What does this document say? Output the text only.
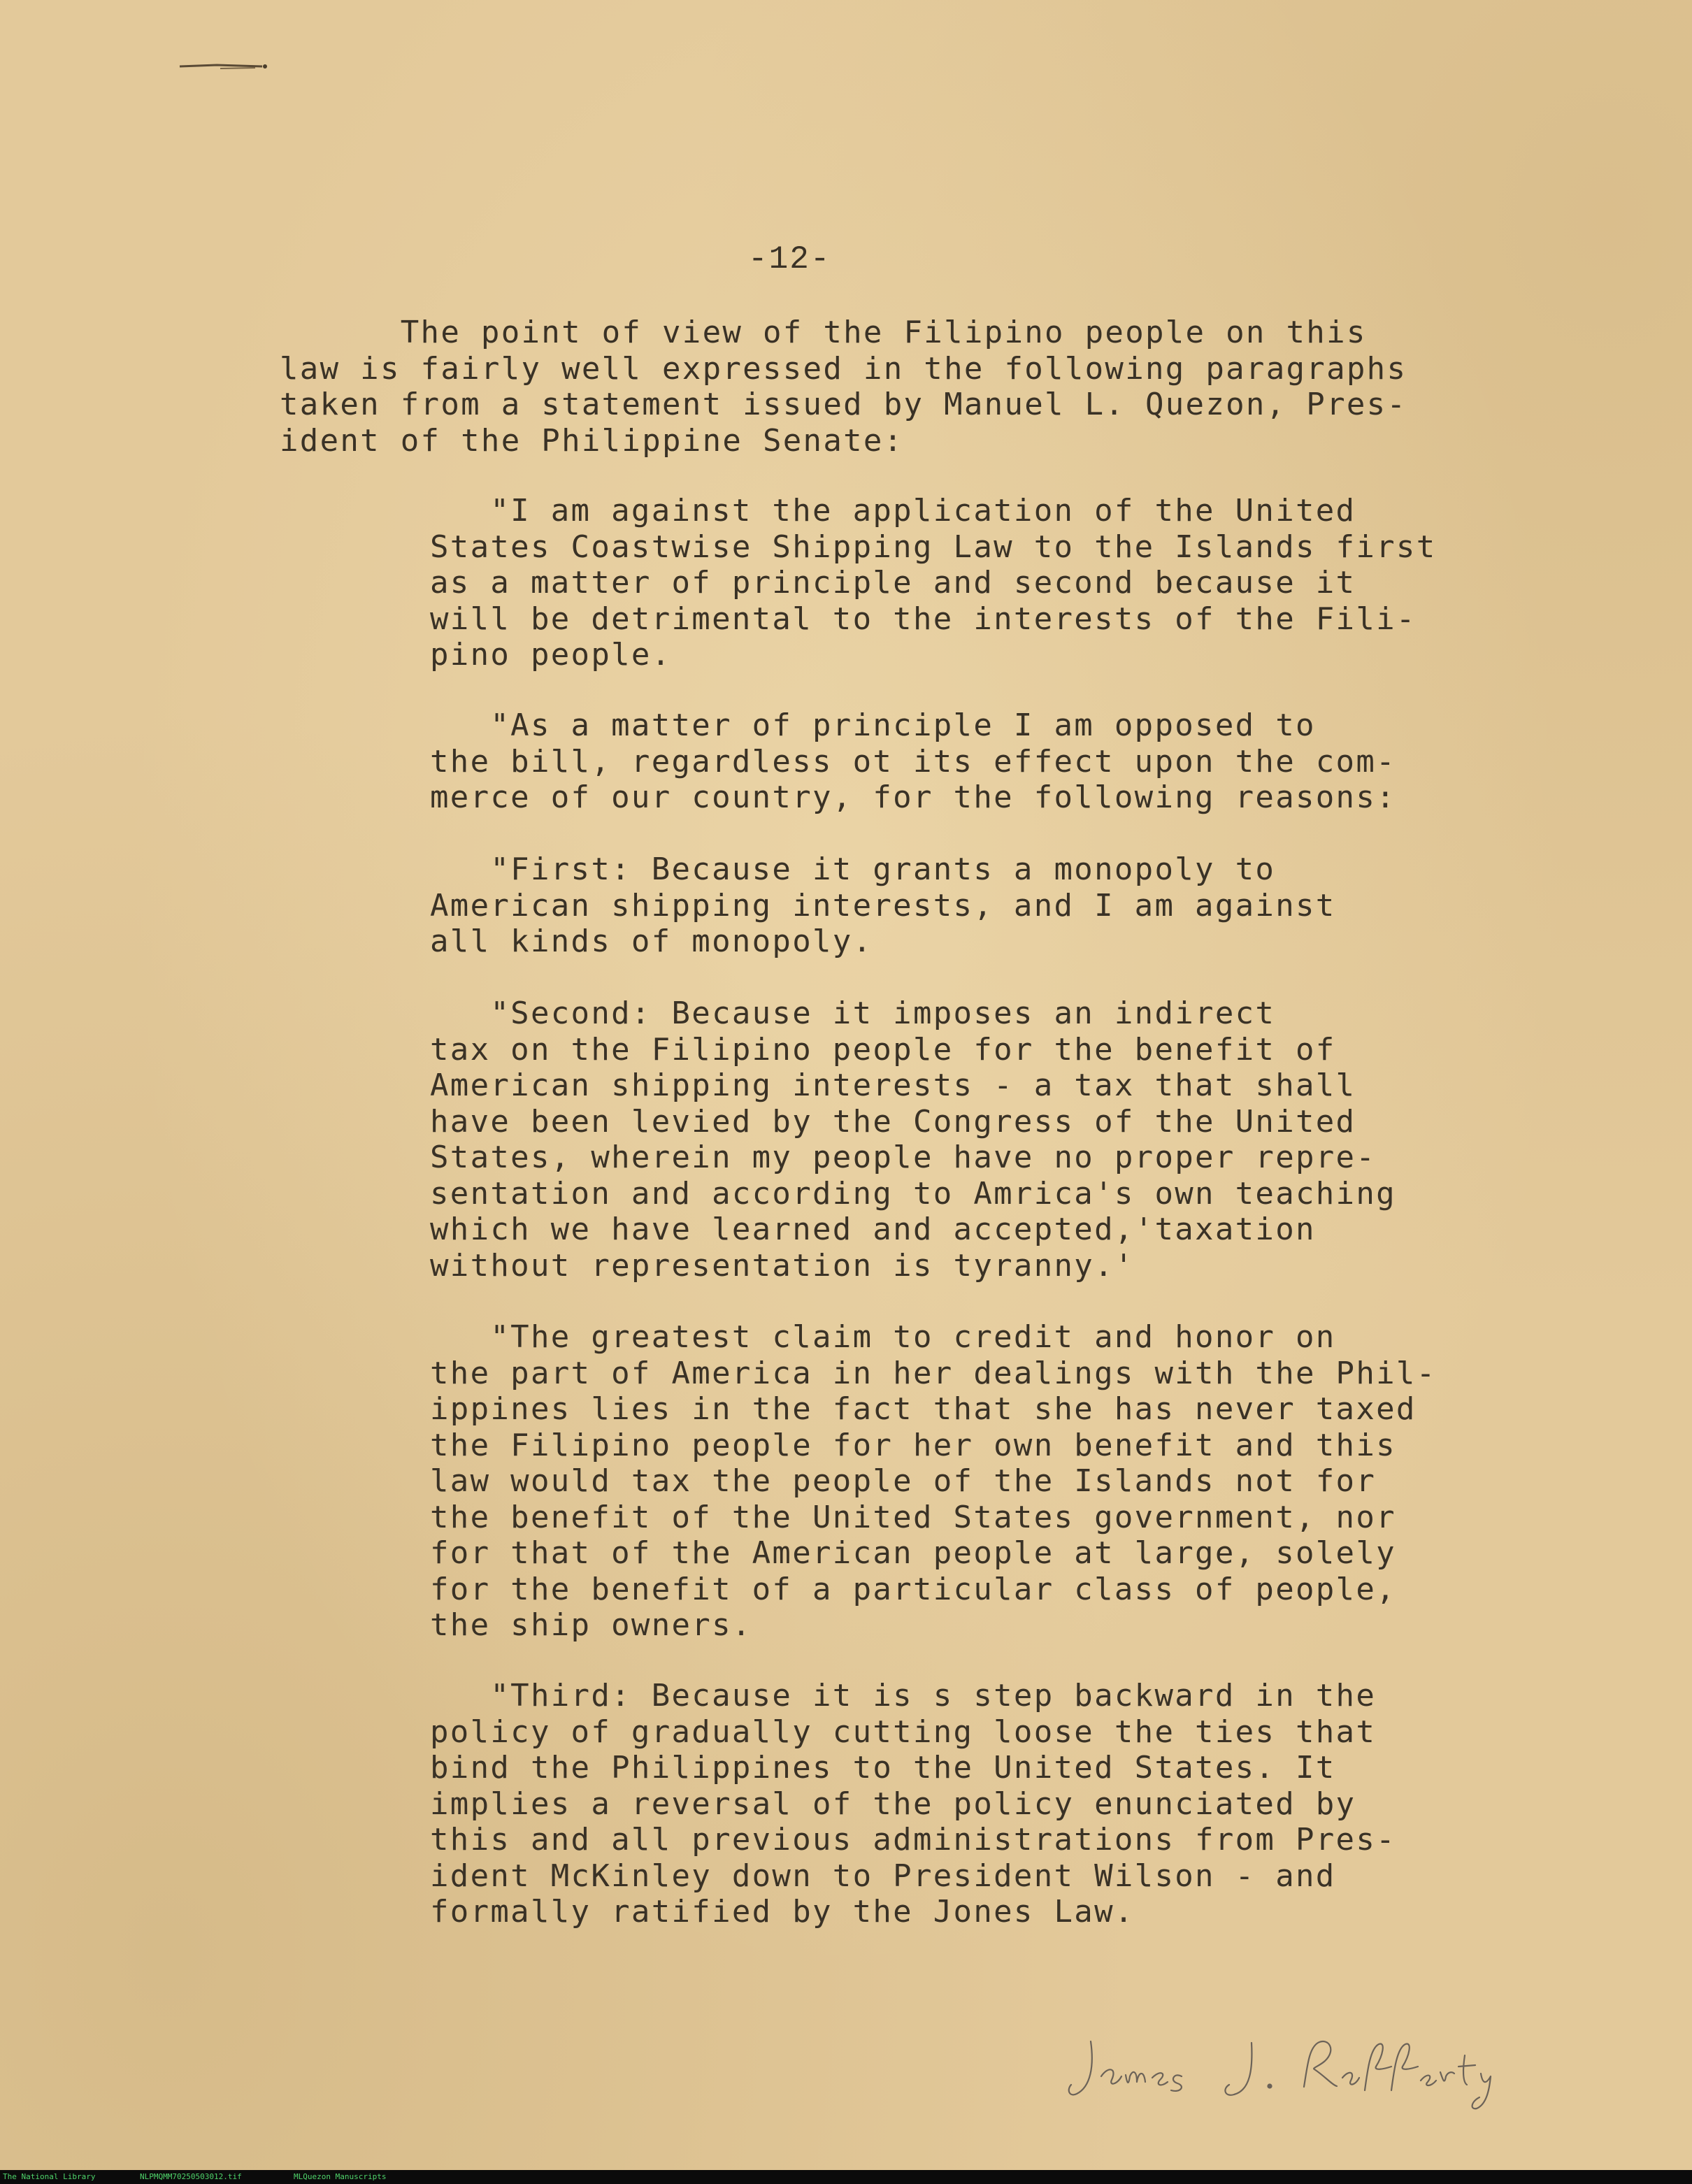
-12-
The point of view of the Filipino people on this
law is fairly well expressed in the following paragraphs
taken from a statement issued by Manuel L. Quezon, Pres-
ident of the Philippine Senate:
"I am against the application of the United
States Coastwise Shipping Law to the Islands first
as a matter of principle and second because it
will be detrimental to the interests of the Fili-
pino people.
"As a matter of principle I am opposed to
the bill, regardless ot its effect upon the com-
merce of our country, for the following reasons:
"First: Because it grants a monopoly to
American shipping interests, and I am against
all kinds of monopoly.
"Second: Because it imposes an indirect
tax on the Filipino people for the benefit of
American shipping interests - a tax that shall
have been levied by the Congress of the United
States, wherein my people have no proper repre-
sentation and according to Amrica's own teaching
which we have learned and accepted,'taxation
without representation is tyranny.'
"The greatest claim to credit and honor on
the part of America in her dealings with the Phil-
ippines lies in the fact that she has never taxed
the Filipino people for her own benefit and this
law would tax the people of the Islands not for
the benefit of the United States government, nor
for that of the American people at large, solely
for the benefit of a particular class of people,
the ship owners.
"Third: Because it is s step backward in the
policy of gradually cutting loose the ties that
bind the Philippines to the United States. It
implies a reversal of the policy enunciated by
this and all previous administrations from Pres-
ident McKinley down to President Wilson - and
formally ratified by the Jones Law.
The National Library	NLPMQMM70250503012.tif	MLQuezon Manuscripts
